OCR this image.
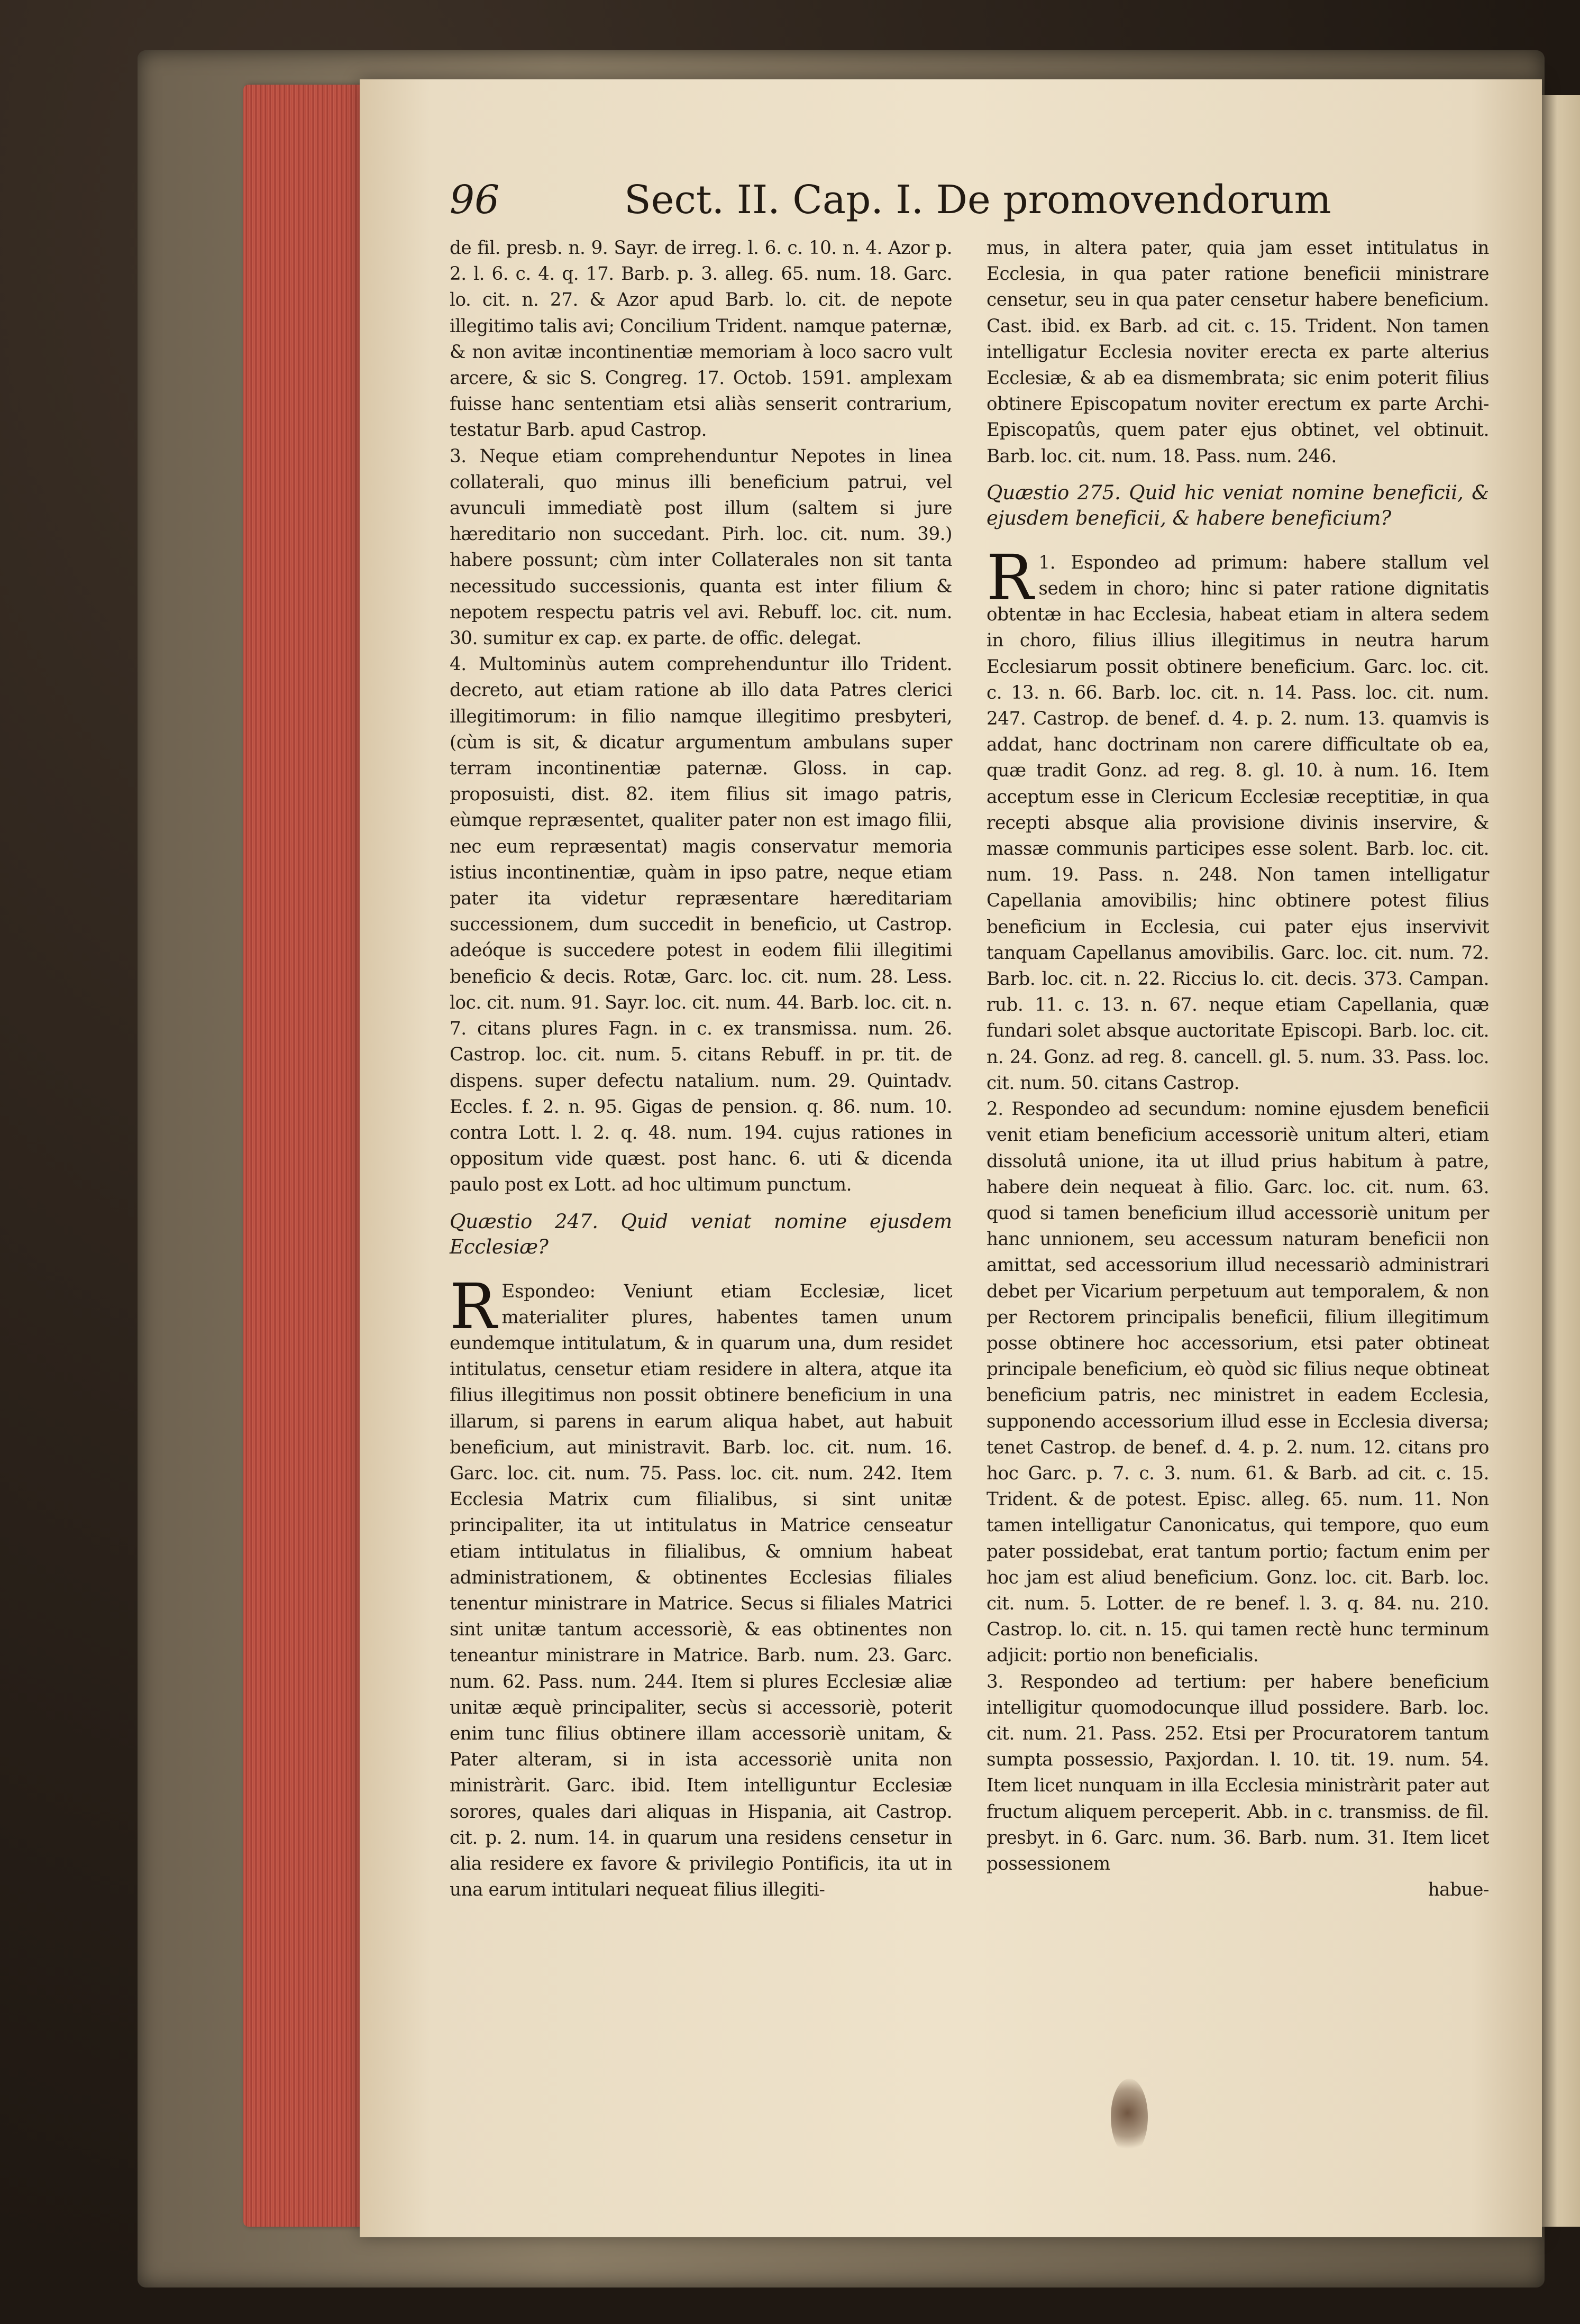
96	Sect. II. Cap. I. De promovendorum

de fil. presb. n. 9. Sayr. de irreg. l. 6. c. 10. n. 4. Azor p. 2. l. 6. c. 4. q. 17. Barb. p. 3. alleg. 65. num. 18. Garc. lo. cit. n. 27. & Azor apud Barb. lo. cit. de nepote illegitimo talis avi; Concilium Trident. namque paternæ, & non avitæ incontinentiæ memoriam à loco sacro vult arcere, & sic S. Congreg. 17. Octob. 1591. amplexam fuisse hanc sententiam etsi aliàs senserit contrarium, testatur Barb. apud Castrop.

3. Neque etiam comprehenduntur Nepotes in linea collaterali, quo minus illi beneficium patrui, vel avunculi immediatè post illum (saltem si jure hæreditario non succedant. Pirh. loc. cit. num. 39.) habere possunt; cùm inter Collaterales non sit tanta necessitudo successionis, quanta est inter filium & nepotem respectu patris vel avi. Rebuff. loc. cit. num. 30. sumitur ex cap. ex parte. de offic. delegat.

4. Multominùs autem comprehenduntur illo Trident. decreto, aut etiam ratione ab illo data Patres clerici illegitimorum: in filio namque illegitimo presbyteri, (cùm is sit, & dicatur argumentum ambulans super terram incontinentiæ paternæ. Gloss. in cap. proposuisti, dist. 82. item filius sit imago patris, eùmque repræsentet, qualiter pater non est imago filii, nec eum repræsentat) magis conservatur memoria istius incontinentiæ, quàm in ipso patre, neque etiam pater ita videtur repræsentare hæreditariam successionem, dum succedit in beneficio, ut Castrop. adeóque is succedere potest in eodem filii illegitimi beneficio & decis. Rotæ, Garc. loc. cit. num. 28. Less. loc. cit. num. 91. Sayr. loc. cit. num. 44. Barb. loc. cit. n. 7. citans plures Fagn. in c. ex transmissa. num. 26. Castrop. loc. cit. num. 5. citans Rebuff. in pr. tit. de dispens. super defectu natalium. num. 29. Quintadv. Eccles. f. 2. n. 95. Gigas de pension. q. 86. num. 10. contra Lott. l. 2. q. 48. num. 194. cujus rationes in oppositum vide quæst. post hanc. 6. uti & dicenda paulo post ex Lott. ad hoc ultimum punctum.

Quæstio 247. Quid veniat nomine ejusdem Ecclesiæ?

R Espondeo: Veniunt etiam Ecclesiæ, licet materialiter plures, habentes tamen unum eundemque intitulatum, & in quarum una, dum residet intitulatus, censetur etiam residere in altera, atque ita filius illegitimus non possit obtinere beneficium in una illarum, si parens in earum aliqua habet, aut habuit beneficium, aut ministravit. Barb. loc. cit. num. 16. Garc. loc. cit. num. 75. Pass. loc. cit. num. 242. Item Ecclesia Matrix cum filialibus, si sint unitæ principaliter, ita ut intitulatus in Matrice censeatur etiam intitulatus in filialibus, & omnium habeat administrationem, & obtinentes Ecclesias filiales tenentur ministrare in Matrice. Secus si filiales Matrici sint unitæ tantum accessoriè, & eas obtinentes non teneantur ministrare in Matrice. Barb. num. 23. Garc. num. 62. Pass. num. 244. Item si plures Ecclesiæ aliæ unitæ æquè principaliter, secùs si accessoriè, poterit enim tunc filius obtinere illam accessoriè unitam, & Pater alteram, si in ista accessoriè unita non ministràrit. Garc. ibid. Item intelliguntur Ecclesiæ sorores, quales dari aliquas in Hispania, ait Castrop. cit. p. 2. num. 14. in quarum una residens censetur in alia residere ex favore & privilegio Pontificis, ita ut in una earum intitulari nequeat filius illegiti-

mus, in altera pater, quia jam esset intitulatus in Ecclesia, in qua pater ratione beneficii ministrare censetur, seu in qua pater censetur habere beneficium. Cast. ibid. ex Barb. ad cit. c. 15. Trident. Non tamen intelligatur Ecclesia noviter erecta ex parte alterius Ecclesiæ, & ab ea dismembrata; sic enim poterit filius obtinere Episcopatum noviter erectum ex parte Archi-Episcopatûs, quem pater ejus obtinet, vel obtinuit. Barb. loc. cit. num. 18. Pass. num. 246.

Quæstio 275. Quid hic veniat nomine beneficii, & ejusdem beneficii, & habere beneficium?

R 1. Espondeo ad primum: habere stallum vel sedem in choro; hinc si pater ratione dignitatis obtentæ in hac Ecclesia, habeat etiam in altera sedem in choro, filius illius illegitimus in neutra harum Ecclesiarum possit obtinere beneficium. Garc. loc. cit. c. 13. n. 66. Barb. loc. cit. n. 14. Pass. loc. cit. num. 247. Castrop. de benef. d. 4. p. 2. num. 13. quamvis is addat, hanc doctrinam non carere difficultate ob ea, quæ tradit Gonz. ad reg. 8. gl. 10. à num. 16. Item acceptum esse in Clericum Ecclesiæ receptitiæ, in qua recepti absque alia provisione divinis inservire, & massæ communis participes esse solent. Barb. loc. cit. num. 19. Pass. n. 248. Non tamen intelligatur Capellania amovibilis; hinc obtinere potest filius beneficium in Ecclesia, cui pater ejus inservivit tanquam Capellanus amovibilis. Garc. loc. cit. num. 72. Barb. loc. cit. n. 22. Riccius lo. cit. decis. 373. Campan. rub. 11. c. 13. n. 67. neque etiam Capellania, quæ fundari solet absque auctoritate Episcopi. Barb. loc. cit. n. 24. Gonz. ad reg. 8. cancell. gl. 5. num. 33. Pass. loc. cit. num. 50. citans Castrop.

2. Respondeo ad secundum: nomine ejusdem beneficii venit etiam beneficium accessoriè unitum alteri, etiam dissolutâ unione, ita ut illud prius habitum à patre, habere dein nequeat à filio. Garc. loc. cit. num. 63. quod si tamen beneficium illud accessoriè unitum per hanc unnionem, seu accessum naturam beneficii non amittat, sed accessorium illud necessariò administrari debet per Vicarium perpetuum aut temporalem, & non per Rectorem principalis beneficii, filium illegitimum posse obtinere hoc accessorium, etsi pater obtineat principale beneficium, eò quòd sic filius neque obtineat beneficium patris, nec ministret in eadem Ecclesia, supponendo accessorium illud esse in Ecclesia diversa; tenet Castrop. de benef. d. 4. p. 2. num. 12. citans pro hoc Garc. p. 7. c. 3. num. 61. & Barb. ad cit. c. 15. Trident. & de potest. Episc. alleg. 65. num. 11. Non tamen intelligatur Canonicatus, qui tempore, quo eum pater possidebat, erat tantum portio; factum enim per hoc jam est aliud beneficium. Gonz. loc. cit. Barb. loc. cit. num. 5. Lotter. de re benef. l. 3. q. 84. nu. 210. Castrop. lo. cit. n. 15. qui tamen rectè hunc terminum adjicit: portio non beneficialis.

3. Respondeo ad tertium: per habere beneficium intelligitur quomodocunque illud possidere. Barb. loc. cit. num. 21. Pass. 252. Etsi per Procuratorem tantum sumpta possessio, Paxjordan. l. 10. tit. 19. num. 54. Item licet nunquam in illa Ecclesia ministràrit pater aut fructum aliquem perceperit. Abb. in c. transmiss. de fil. presbyt. in 6. Garc. num. 36. Barb. num. 31. Item licet possessionem

habue-
